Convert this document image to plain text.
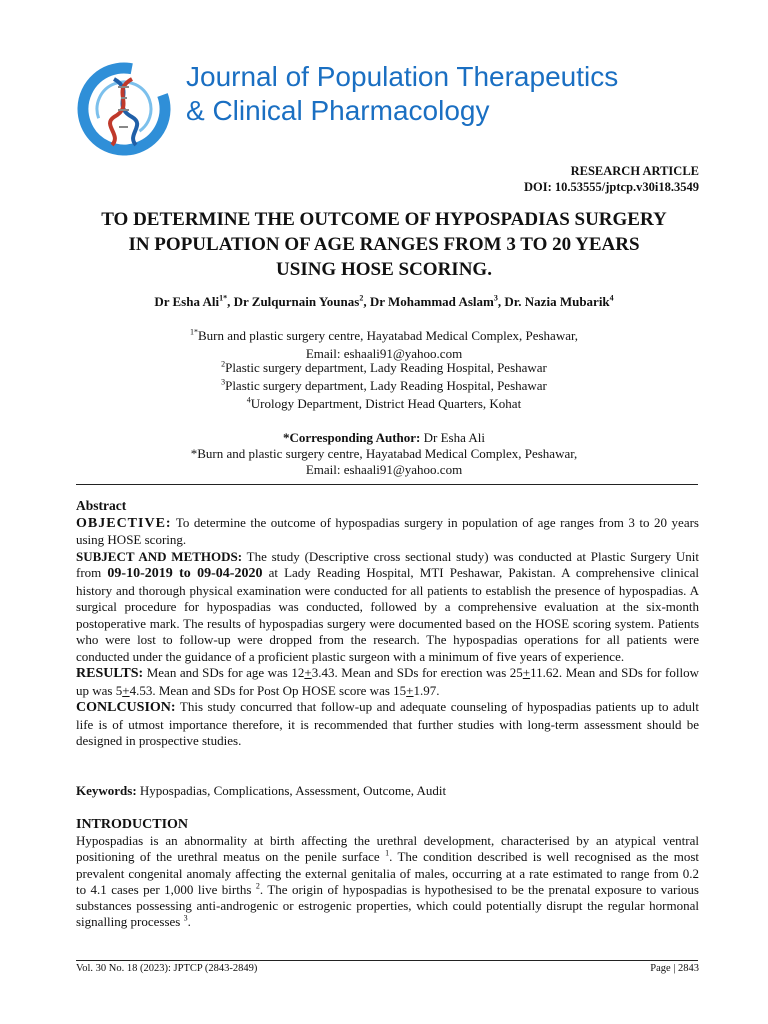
Journal of Population Therapeutics
& Clinical Pharmacology
RESEARCH ARTICLE
DOI: 10.53555/jptcp.v30i18.3549
TO DETERMINE THE OUTCOME OF HYPOSPADIAS SURGERY
IN POPULATION OF AGE RANGES FROM 3 TO 20 YEARS
USING HOSE SCORING.
Dr Esha Ali$^{1*}$, Dr Zulqurnain Younas$^2$, Dr Mohammad Aslam$^3$, Dr. Nazia Mubarik$^4$
$^{1*}$Burn and plastic surgery centre, Hayatabad Medical Complex, Peshawar,
Email: eshaali91@yahoo.com
$^2$Plastic surgery department, Lady Reading Hospital, Peshawar
$^3$Plastic surgery department, Lady Reading Hospital, Peshawar
$^4$Urology Department, District Head Quarters, Kohat
*Corresponding Author: Dr Esha Ali
*Burn and plastic surgery centre, Hayatabad Medical Complex, Peshawar,
Email: eshaali91@yahoo.com
Abstract

OBJECTIVE: To determine the outcome of hypospadias surgery in population of age ranges from 3 to 20 years using HOSE scoring.

SUBJECT AND METHODS: The study (Descriptive cross sectional study) was conducted at Plastic Surgery Unit from 09-10-2019 to 09-04-2020 at Lady Reading Hospital, MTI Peshawar, Pakistan. A comprehensive clinical history and thorough physical examination were conducted for all patients to establish the presence of hypospadias. A surgical procedure for hypospadias was conducted, followed by a comprehensive evaluation at the six-month postoperative mark. The results of hypospadias surgery were documented based on the HOSE scoring system. Patients who were lost to follow-up were dropped from the research. The hypospadias operations for all patients were conducted under the guidance of a proficient plastic surgeon with a minimum of five years of experience.

RESULTS: Mean and SDs for age was 12+3.43. Mean and SDs for erection was 25+11.62. Mean and SDs for follow up was 5+4.53. Mean and SDs for Post Op HOSE score was 15+1.97.

CONLCUSION: This study concurred that follow-up and adequate counseling of hypospadias patients up to adult life is of utmost importance therefore, it is recommended that further studies with long-term assessment should be designed in prospective studies.

Keywords: Hypospadias, Complications, Assessment, Outcome, Audit
INTRODUCTION

Hypospadias is an abnormality at birth affecting the urethral development, characterised by an atypical ventral positioning of the urethral meatus on the penile surface $^1$. The condition described is well recognised as the most prevalent congenital anomaly affecting the external genitalia of males, occurring at a rate estimated to range from 0.2 to 4.1 cases per 1,000 live births $^2$. The origin of hypospadias is hypothesised to be the prenatal exposure to various substances possessing anti-androgenic or estrogenic properties, which could potentially disrupt the regular hormonal signalling processes $^3$.

Vol. 30 No. 18 (2023): JPTCP (2843-2849)	Page | 2843
